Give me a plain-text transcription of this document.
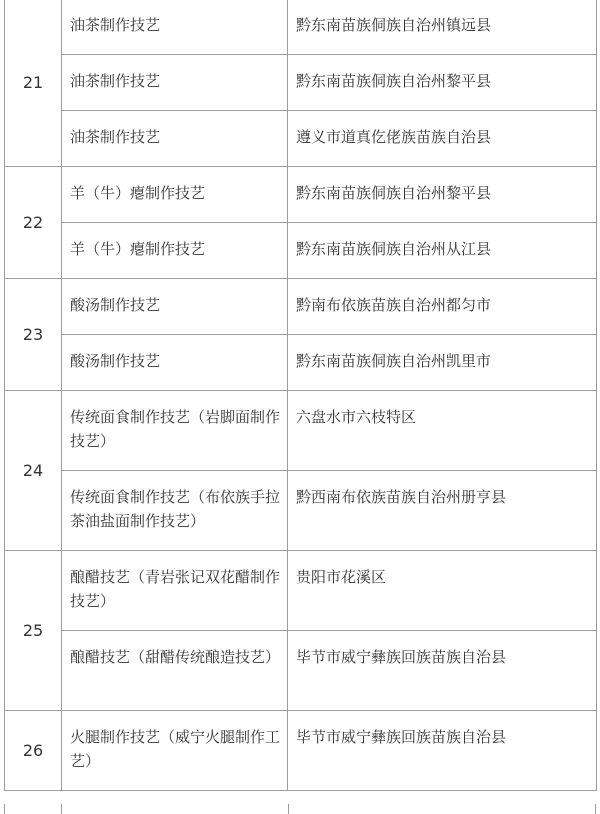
21	油茶制作技艺	黔东南苗族侗族自治州镇远县
	油茶制作技艺	黔东南苗族侗族自治州黎平县
	油茶制作技艺	遵义市道真仡佬族苗族自治县
22	羊（牛）瘪制作技艺	黔东南苗族侗族自治州黎平县
	羊（牛）瘪制作技艺	黔东南苗族侗族自治州从江县
23	酸汤制作技艺	黔南布依族苗族自治州都匀市
	酸汤制作技艺	黔东南苗族侗族自治州凯里市
24	传统面食制作技艺（岩脚面制作技艺）	六盘水市六枝特区
	传统面食制作技艺（布依族手拉茶油盐面制作技艺）	黔西南布依族苗族自治州册亨县
25	酿醋技艺（青岩张记双花醋制作技艺）	贵阳市花溪区
	酿醋技艺（甜醋传统酿造技艺）	毕节市威宁彝族回族苗族自治县
26	火腿制作技艺（威宁火腿制作工艺）	毕节市威宁彝族回族苗族自治县
